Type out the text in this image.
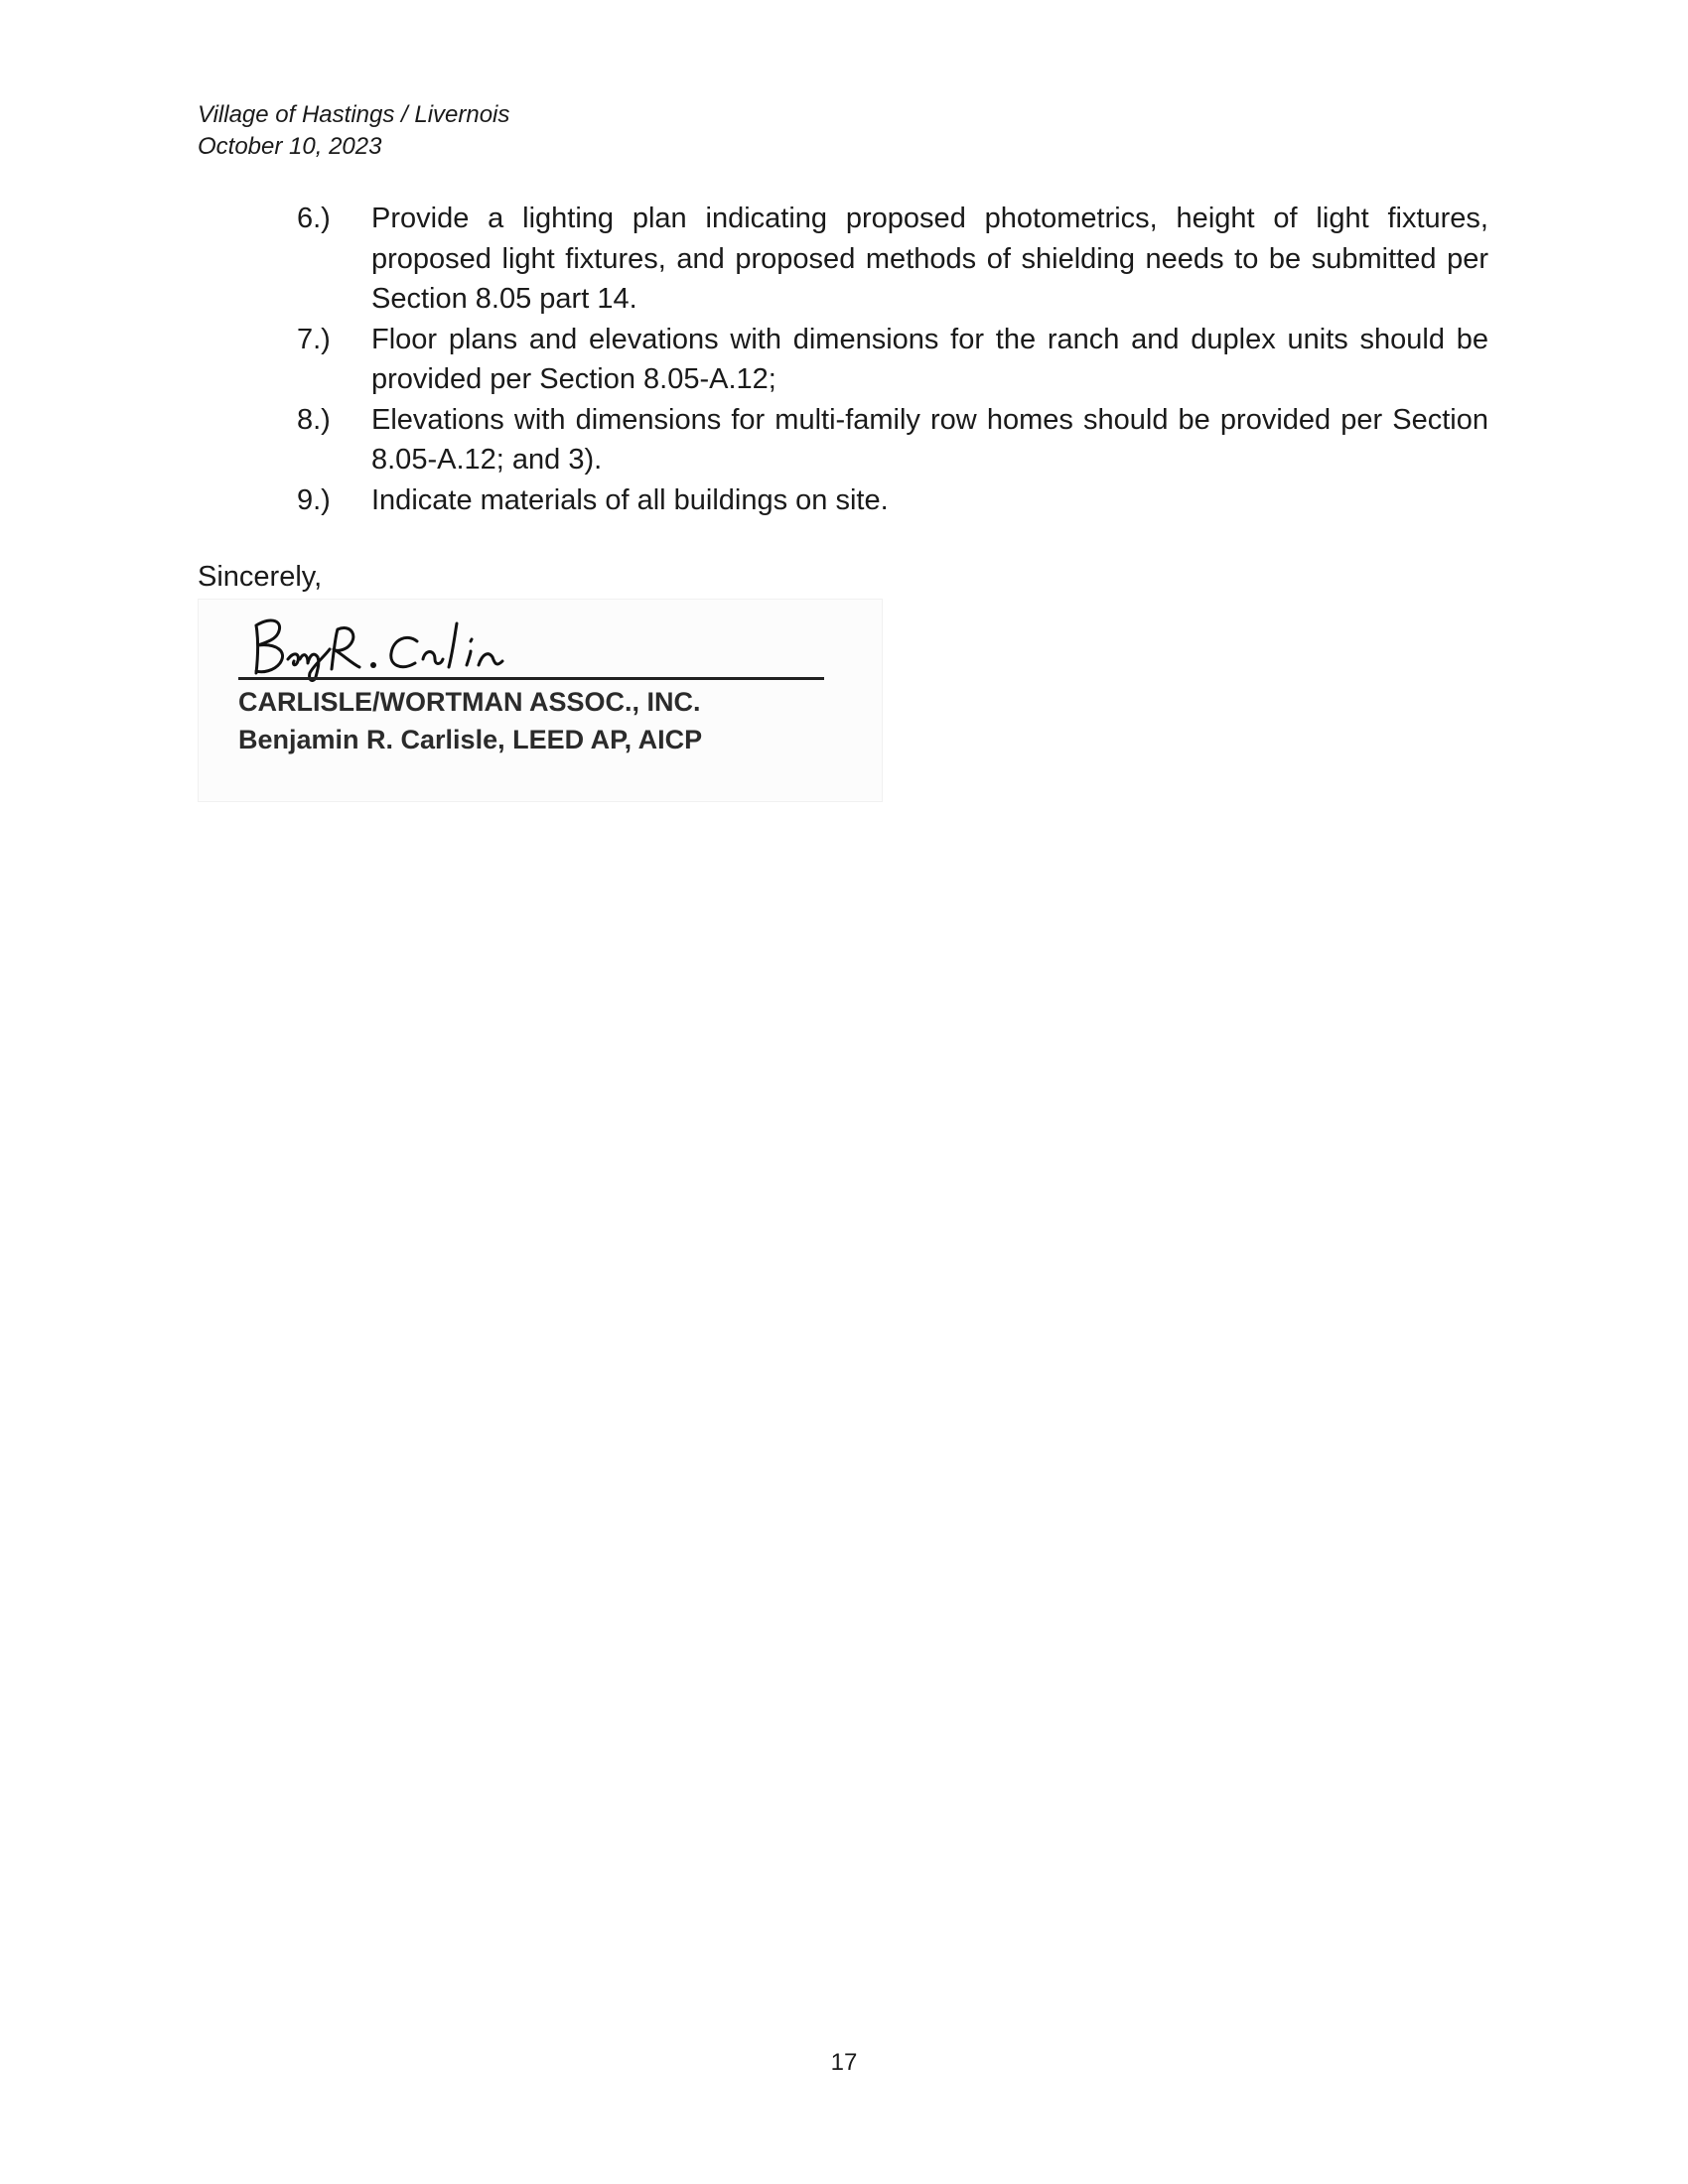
Village of Hastings / Livernois
October 10, 2023
6.) Provide a lighting plan indicating proposed photometrics, height of light fixtures, proposed light fixtures, and proposed methods of shielding needs to be submitted per Section 8.05 part 14.
7.) Floor plans and elevations with dimensions for the ranch and duplex units should be provided per Section 8.05-A.12;
8.) Elevations with dimensions for multi-family row homes should be provided per Section 8.05-A.12; and 3).
9.) Indicate materials of all buildings on site.
Sincerely,
CARLISLE/WORTMAN ASSOC., INC.
Benjamin R. Carlisle, LEED AP, AICP
17
